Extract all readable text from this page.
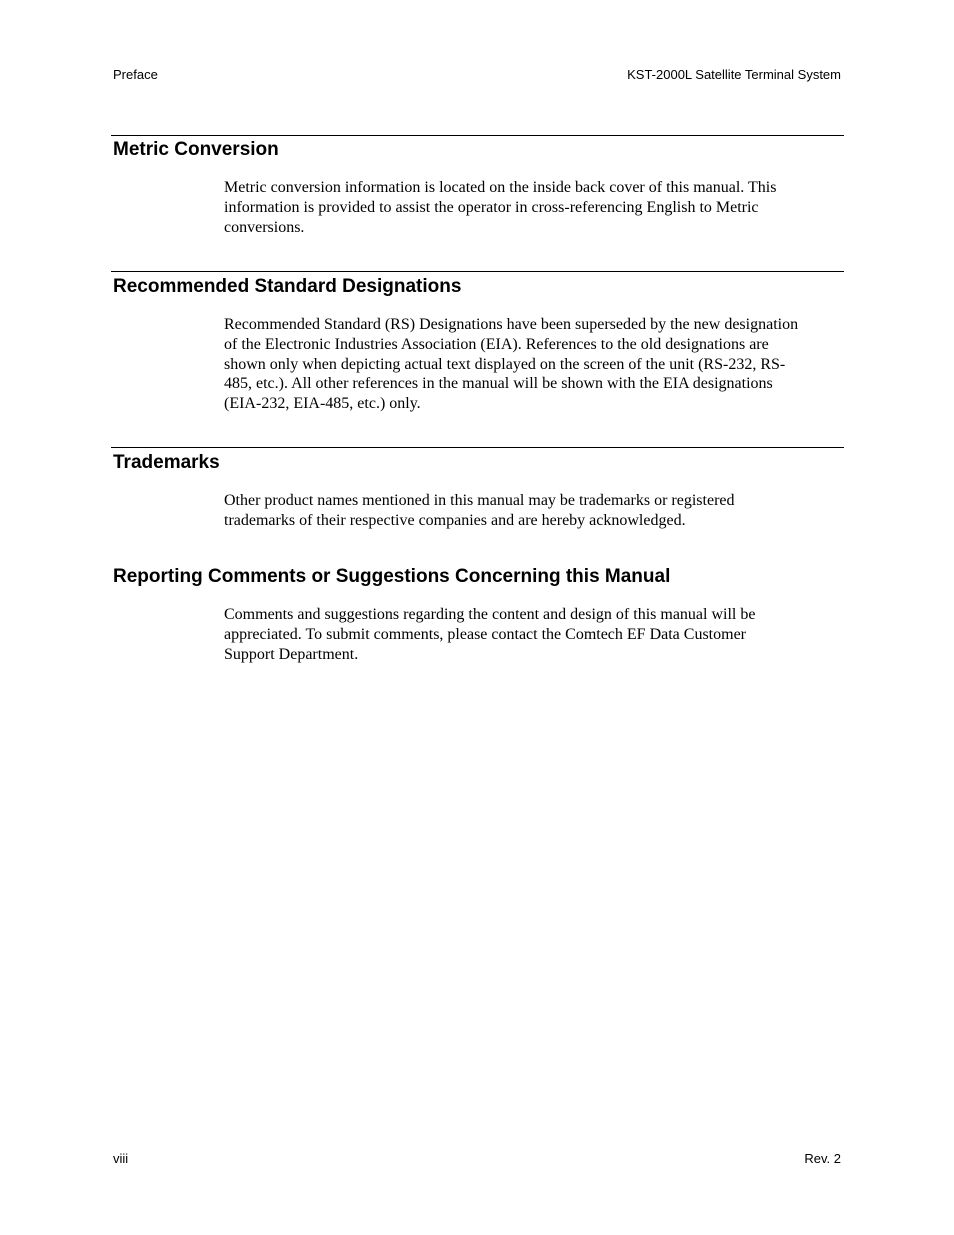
Preface	KST-2000L Satellite Terminal System
Metric Conversion
Metric conversion information is located on the inside back cover of this manual. This
information is provided to assist the operator in cross-referencing English to Metric
conversions.
Recommended Standard Designations
Recommended Standard (RS) Designations have been superseded by the new designation
of the Electronic Industries Association (EIA). References to the old designations are
shown only when depicting actual text displayed on the screen of the unit (RS-232, RS-
485, etc.). All other references in the manual will be shown with the EIA designations
(EIA-232, EIA-485, etc.) only.
Trademarks
Other product names mentioned in this manual may be trademarks or registered
trademarks of their respective companies and are hereby acknowledged.
Reporting Comments or Suggestions Concerning this Manual
Comments and suggestions regarding the content and design of this manual will be
appreciated. To submit comments, please contact the Comtech EF Data Customer
Support Department.
viii	Rev. 2
